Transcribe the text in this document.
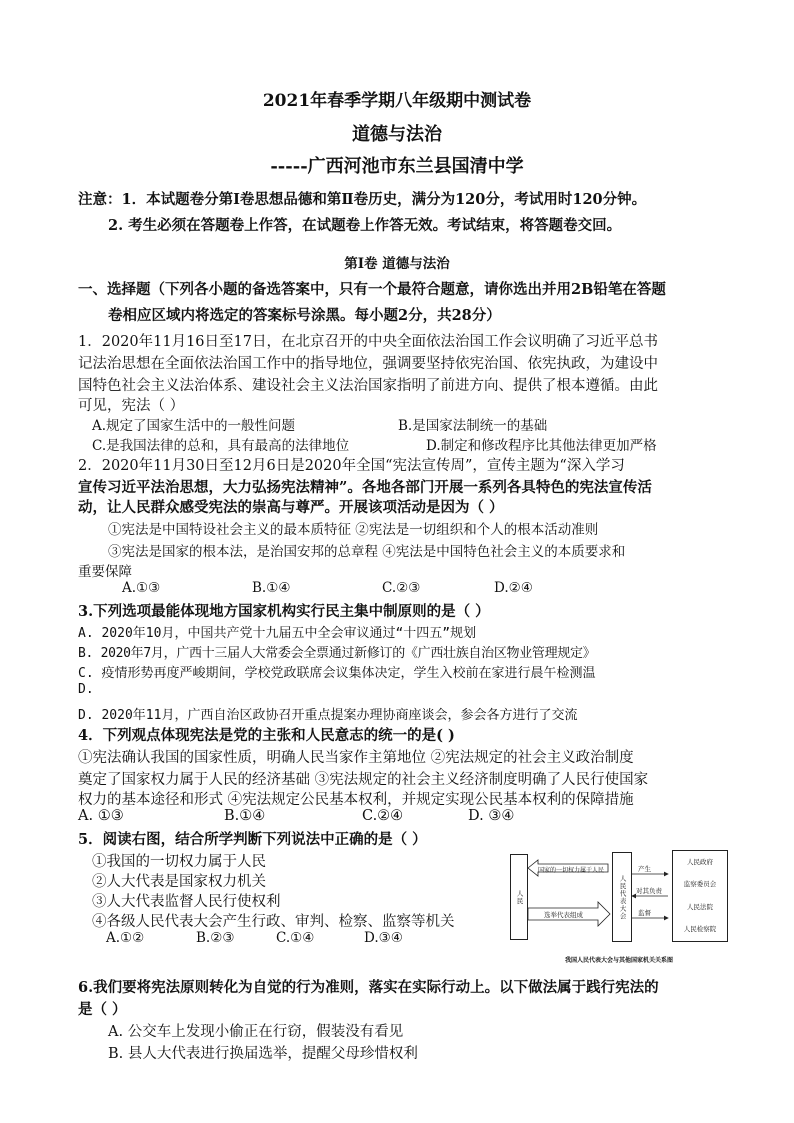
2021年春季学期八年级期中测试卷
道德与法治
-----广西河池市东兰县国清中学
注意：1．本试题卷分第Ⅰ卷思想品德和第Ⅱ卷历史，满分为120分，考试用时120分钟。
2. 考生必须在答题卷上作答，在试题卷上作答无效。考试结束，将答题卷交回。
第Ⅰ卷 道德与法治
一、选择题（下列各小题的备选答案中，只有一个最符合题意，请你选出并用2B铅笔在答题
卷相应区域内将选定的答案标号涂黑。每小题2分，共28分）
1．2020年11月16日至17日，在北京召开的中央全面依法治国工作会议明确了习近平总书
记法治思想在全面依法治国工作中的指导地位，强调要坚持依宪治国、依宪执政，为建设中
国特色社会主义法治体系、建设社会主义法治国家指明了前进方向、提供了根本遵循。由此
可见，宪法（ ）
A.规定了国家生活中的一般性问题	B.是国家法制统一的基础
C.是我国法律的总和，具有最高的法律地位	D.制定和修改程序比其他法律更加严格
2．2020年11月30日至12月6日是2020年全国“宪法宣传周”，宣传主题为“深入学习
宣传习近平法治思想，大力弘扬宪法精神”。各地各部门开展一系列各具特色的宪法宣传活
动，让人民群众感受宪法的崇高与尊严。开展该项活动是因为（ ）
①宪法是中国特设社会主义的最本质特征 ②宪法是一切组织和个人的根本活动准则
③宪法是国家的根本法，是治国安邦的总章程 ④宪法是中国特色社会主义的本质要求和
重要保障
A.①③	B.①④	C.②③	D.②④
3.下列选项最能体现地方国家机构实行民主集中制原则的是（ ）
A. 2020年10月，中国共产党十九届五中全会审议通过“十四五”规划
B. 2020年7月，广西十三届人大常委会全票通过新修订的《广西壮族自治区物业管理规定》
C. 疫情形势再度严峻期间，学校党政联席会议集体决定，学生入校前在家进行晨午检测温
D.
D. 2020年11月，广西自治区政协召开重点提案办理协商座谈会，参会各方进行了交流
4．下列观点体现宪法是党的主张和人民意志的统一的是( )
①宪法确认我国的国家性质，明确人民当家作主第地位 ②宪法规定的社会主义政治制度
奠定了国家权力属于人民的经济基础 ③宪法规定的社会主义经济制度明确了人民行使国家
权力的基本途径和形式 ④宪法规定公民基本权利，并规定实现公民基本权利的保障措施
A. ①③	B.①④	C.②④	D. ③④
5．阅读右图，结合所学判断下列说法中正确的是（ ）
①我国的一切权力属于人民
②人大代表是国家权力机关
③人大代表监督人民行使权利
④各级人民代表大会产生行政、审判、检察、监察等机关
A.①②	B.②③	C.①④	D.③④
人民
国家的一切权力属于人民
选举代表组成	人民代表大会
产生
对其负责
监督
人民政府
监察委员会
人民法院
人民检察院
我国人民代表大会与其他国家机关关系图
6.我们要将宪法原则转化为自觉的行为准则，落实在实际行动上。以下做法属于践行宪法的
是（ ）
A. 公交车上发现小偷正在行窃，假装没有看见
B. 县人大代表进行换届选举，提醒父母珍惜权利
